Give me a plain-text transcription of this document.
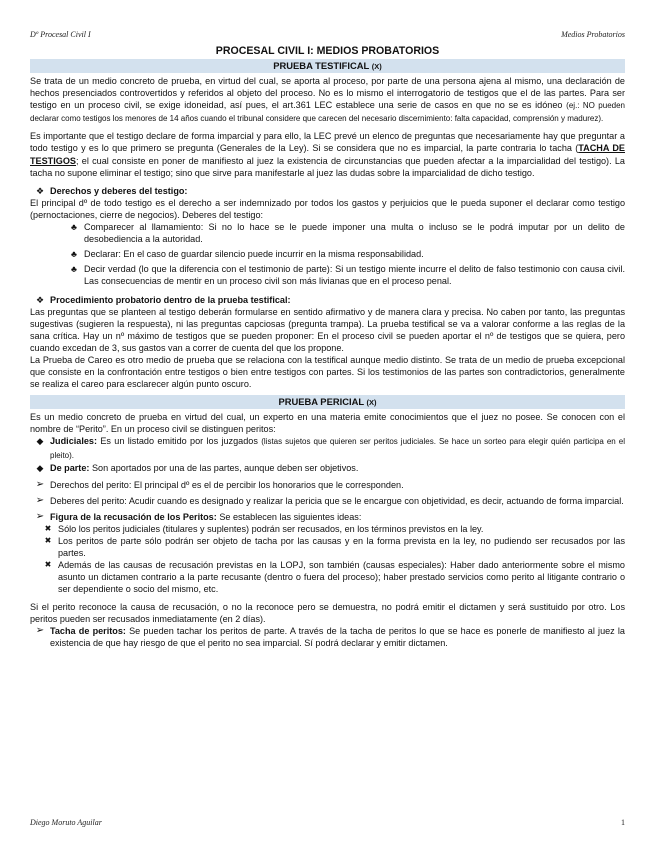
Dº Procesal Civil I	Medios Probatorios
PROCESAL CIVIL I: MEDIOS PROBATORIOS
PRUEBA TESTIFICAL (X)

Se trata de un medio concreto de prueba, en virtud del cual, se aporta al proceso, por parte de una persona ajena al mismo, una declaración de hechos presenciados controvertidos y referidos al objeto del proceso. No es lo mismo el interrogatorio de testigos que el de las partes. Para ser testigo en un proceso civil, se exige idoneidad, así pues, el art.361 LEC establece una serie de casos en que no se es idóneo (ej.: NO pueden declarar como testigos los menores de 14 años cuando el tribunal considere que carecen del necesario discernimiento: falta capacidad, comprensión y madurez).

Es importante que el testigo declare de forma imparcial y para ello, la LEC prevé un elenco de preguntas que necesariamente hay que preguntar a todo testigo y es lo que primero se pregunta (Generales de la Ley). Si se considera que no es imparcial, la parte contraria lo tacha (TACHA DE TESTIGOS; el cual consiste en poner de manifiesto al juez la existencia de circunstancias que pueden afectar a la imparcialidad del testigo). La tacha no supone eliminar el testigo; sino que sirve para manifestarle al juez las dudas sobre la imparcialidad de dicho testigo.

❖ Derechos y deberes del testigo:
El principal dº de todo testigo es el derecho a ser indemnizado por todos los gastos y perjuicios que le pueda suponer el declarar como testigo (pernoctaciones, cierre de negocios). Deberes del testigo:
♣ Comparecer al llamamiento: Si no lo hace se le puede imponer una multa o incluso se le podrá imputar por un delito de desobediencia a la autoridad.
♣ Declarar: En el caso de guardar silencio puede incurrir en la misma responsabilidad.
♣ Decir verdad (lo que la diferencia con el testimonio de parte): Si un testigo miente incurre el delito de falso testimonio con causa civil. Las consecuencias de mentir en un proceso civil son más livianas que en el proceso penal.
❖ Procedimiento probatorio dentro de la prueba testifical:
Las preguntas que se planteen al testigo deberán formularse en sentido afirmativo y de manera clara y precisa. No caben por tanto, las preguntas sugestivas (sugieren la respuesta), ni las preguntas capciosas (pregunta trampa). La prueba testifical se va a valorar conforme a las reglas de la sana crítica. Hay un nº máximo de testigos que se pueden proponer: En el proceso civil se pueden aportar el nº de testigos que se quiera, pero cuando excedan de 3, sus gastos van a correr de cuenta del que los propone.

La Prueba de Careo es otro medio de prueba que se relaciona con la testifical aunque medio distinto. Se trata de un medio de prueba excepcional que consiste en la confrontación entre testigos o bien entre testigos con partes. Si los testimonios de las partes son contradictorios, generalmente se realiza el careo para esclarecer algún punto oscuro.

PRUEBA PERICIAL (X)
Es un medio concreto de prueba en virtud del cual, un experto en una materia emite conocimientos que el juez no posee. Se conocen con el nombre de “Perito”. En un proceso civil se distinguen peritos:
◆ Judiciales: Es un listado emitido por los juzgados (listas sujetos que quieren ser peritos judiciales. Se hace un sorteo para elegir quién participa en el pleito).
◆ De parte: Son aportados por una de las partes, aunque deben ser objetivos.
➢ Derechos del perito: El principal dº es el de percibir los honorarios que le corresponden.
➢ Deberes del perito: Acudir cuando es designado y realizar la pericia que se le encargue con objetividad, es decir, actuando de forma imparcial.
➢ Figura de la recusación de los Peritos: Se establecen las siguientes ideas:
✖ Sólo los peritos judiciales (titulares y suplentes) podrán ser recusados, en los términos previstos en la ley.
✖ Los peritos de parte sólo podrán ser objeto de tacha por las causas y en la forma prevista en la ley, no pudiendo ser recusados por las partes.
✖ Además de las causas de recusación previstas en la LOPJ, son también (causas especiales): Haber dado anteriormente sobre el mismo asunto un dictamen contrario a la parte recusante (dentro o fuera del proceso); haber prestado servicios como perito al litigante contrario o ser dependiente o socio del mismo, etc.
Si el perito reconoce la causa de recusación, o no la reconoce pero se demuestra, no podrá emitir el dictamen y será sustituido por otro. Los peritos pueden ser recusados inmediatamente (en 2 días).
➢ Tacha de peritos: Se pueden tachar los peritos de parte. A través de la tacha de peritos lo que se hace es ponerle de manifiesto al juez la existencia de que hay riesgo de que el perito no sea imparcial. Sí podrá declarar y emitir dictamen.
Diego Moruto Aguilar	1
